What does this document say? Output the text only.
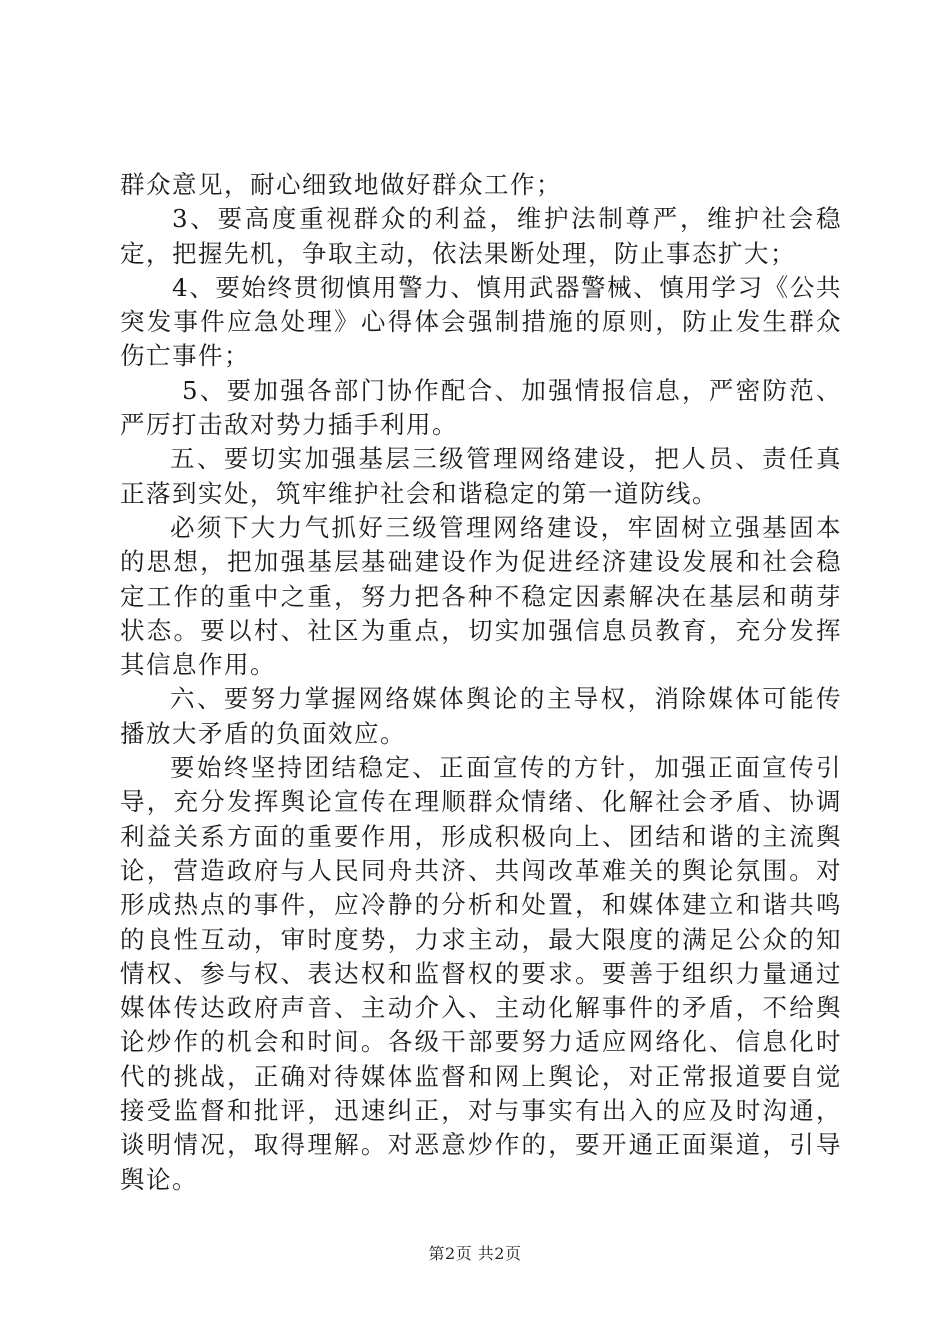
群众意见，耐心细致地做好群众工作；

3、要高度重视群众的利益，维护法制尊严，维护社会稳定，把握先机，争取主动，依法果断处理，防止事态扩大；

4、要始终贯彻慎用警力、慎用武器警械、慎用学习《公共突发事件应急处理》心得体会强制措施的原则，防止发生群众伤亡事件；

5、要加强各部门协作配合、加强情报信息，严密防范、严厉打击敌对势力插手利用。

五、要切实加强基层三级管理网络建设，把人员、责任真正落到实处，筑牢维护社会和谐稳定的第一道防线。

必须下大力气抓好三级管理网络建设，牢固树立强基固本的思想，把加强基层基础建设作为促进经济建设发展和社会稳定工作的重中之重，努力把各种不稳定因素解决在基层和萌芽状态。要以村、社区为重点，切实加强信息员教育，充分发挥其信息作用。

六、要努力掌握网络媒体舆论的主导权，消除媒体可能传播放大矛盾的负面效应。

要始终坚持团结稳定、正面宣传的方针，加强正面宣传引导，充分发挥舆论宣传在理顺群众情绪、化解社会矛盾、协调利益关系方面的重要作用，形成积极向上、团结和谐的主流舆论，营造政府与人民同舟共济、共闯改革难关的舆论氛围。对形成热点的事件，应冷静的分析和处置，和媒体建立和谐共鸣的良性互动，审时度势，力求主动，最大限度的满足公众的知情权、参与权、表达权和监督权的要求。要善于组织力量通过媒体传达政府声音、主动介入、主动化解事件的矛盾，不给舆论炒作的机会和时间。各级干部要努力适应网络化、信息化时代的挑战，正确对待媒体监督和网上舆论，对正常报道要自觉接受监督和批评，迅速纠正，对与事实有出入的应及时沟通，谈明情况，取得理解。对恶意炒作的，要开通正面渠道，引导舆论。

第2页 共2页
